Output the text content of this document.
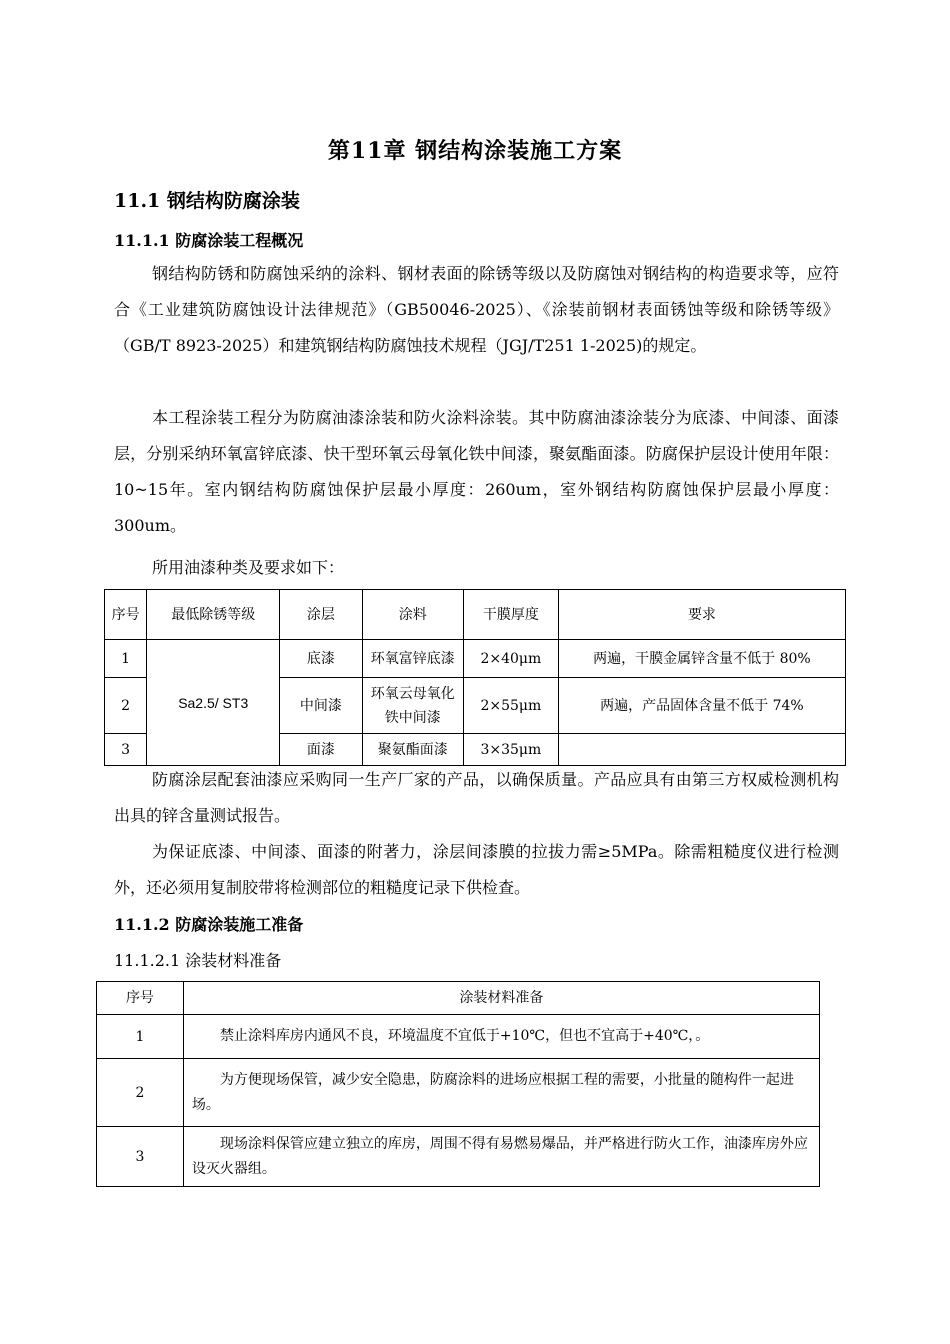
第11章 钢结构涂装施工方案
11.1 钢结构防腐涂装
11.1.1 防腐涂装工程概况

钢结构防锈和防腐蚀采纳的涂料、钢材表面的除锈等级以及防腐蚀对钢结构的构造要求等，应符合《工业建筑防腐蚀设计法律规范》（GB50046-2025）、《涂装前钢材表面锈蚀等级和除锈等级》（GB/T 8923-2025）和建筑钢结构防腐蚀技术规程（JGJ/T251 1-2025)的规定。

本工程涂装工程分为防腐油漆涂装和防火涂料涂装。其中防腐油漆涂装分为底漆、中间漆、面漆层，分别采纳环氧富锌底漆、快干型环氧云母氧化铁中间漆，聚氨酯面漆。防腐保护层设计使用年限：10~15年。室内钢结构防腐蚀保护层最小厚度：260um，室外钢结构防腐蚀保护层最小厚度：300um。

所用油漆种类及要求如下：

序号	最低除锈等级	涂层	涂料	干膜厚度	要求
1	Sa2.5/ ST3	底漆	环氧富锌底漆	2×40μm	两遍，干膜金属锌含量不低于 80%
2		中间漆	环氧云母氧化铁中间漆	2×55μm	两遍，产品固体含量不低于 74%
3		面漆	聚氨酯面漆	3×35μm	

防腐涂层配套油漆应采购同一生产厂家的产品，以确保质量。产品应具有由第三方权威检测机构出具的锌含量测试报告。

为保证底漆、中间漆、面漆的附著力，涂层间漆膜的拉拔力需≥5MPa。除需粗糙度仪进行检测外，还必须用复制胶带将检测部位的粗糙度记录下供检查。

11.1.2 防腐涂装施工准备
11.1.2.1 涂装材料准备
序号	涂装材料准备
1	禁止涂料库房内通风不良，环境温度不宜低于+10℃，但也不宜高于+40℃，。
2	为方便现场保管，减少安全隐患，防腐涂料的进场应根据工程的需要，小批量的随构件一起进场。
3	现场涂料保管应建立独立的库房，周围不得有易燃易爆品，并严格进行防火工作，油漆库房外应设灭火器组。
